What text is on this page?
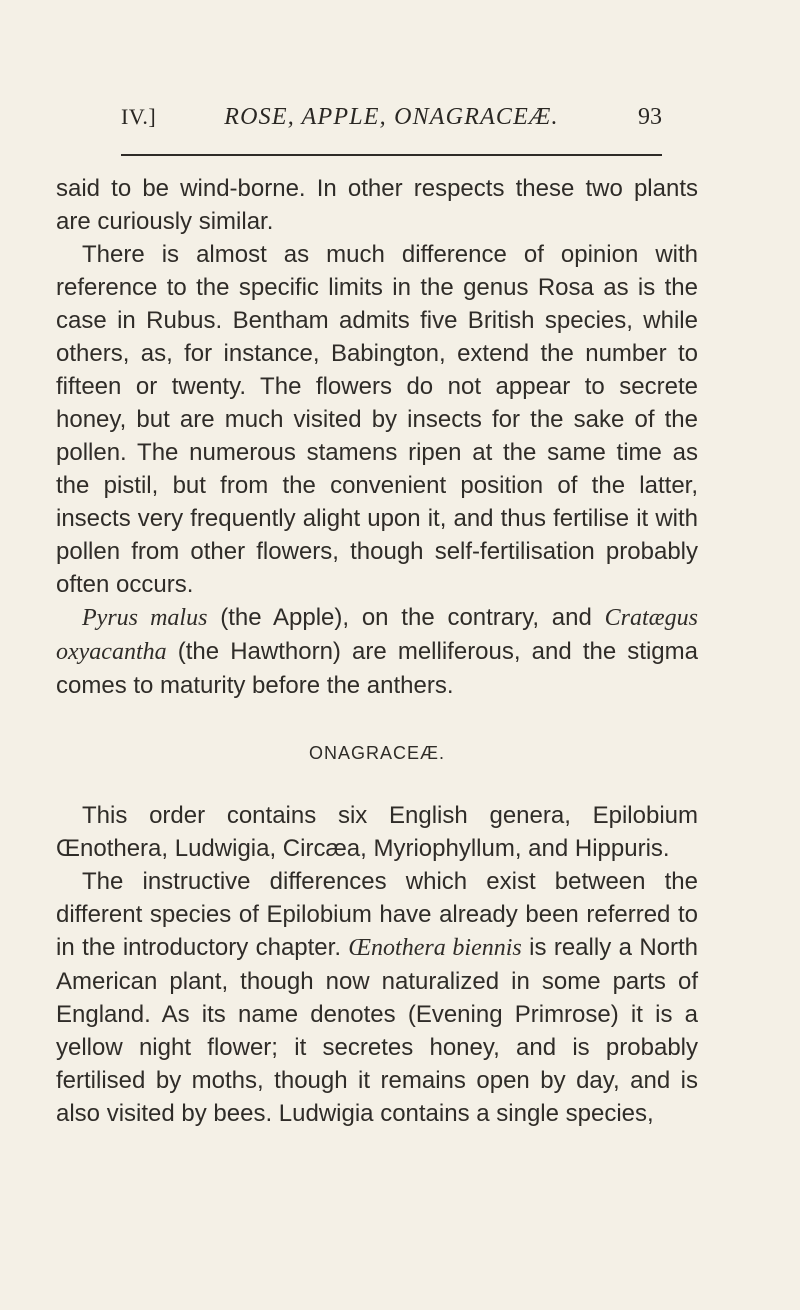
IV.]	ROSE, APPLE, ONAGRACEÆ.	93

said to be wind-borne. In other respects these two plants are curiously similar.

There is almost as much difference of opinion with reference to the specific limits in the genus Rosa as is the case in Rubus. Bentham admits five British species, while others, as, for instance, Babington, extend the number to fifteen or twenty. The flowers do not appear to secrete honey, but are much visited by insects for the sake of the pollen. The numerous stamens ripen at the same time as the pistil, but from the convenient position of the latter, insects very frequently alight upon it, and thus fertilise it with pollen from other flowers, though self-fertilisation probably often occurs.

Pyrus malus (the Apple), on the contrary, and Cratægus oxyacantha (the Hawthorn) are melliferous, and the stigma comes to maturity before the anthers.

ONAGRACEÆ.

This order contains six English genera, Epilobium Œnothera, Ludwigia, Circæa, Myriophyllum, and Hippuris.

The instructive differences which exist between the different species of Epilobium have already been referred to in the introductory chapter. Œnothera biennis is really a North American plant, though now naturalized in some parts of England. As its name denotes (Evening Primrose) it is a yellow night flower; it secretes honey, and is probably fertilised by moths, though it remains open by day, and is also visited by bees. Ludwigia contains a single species,
